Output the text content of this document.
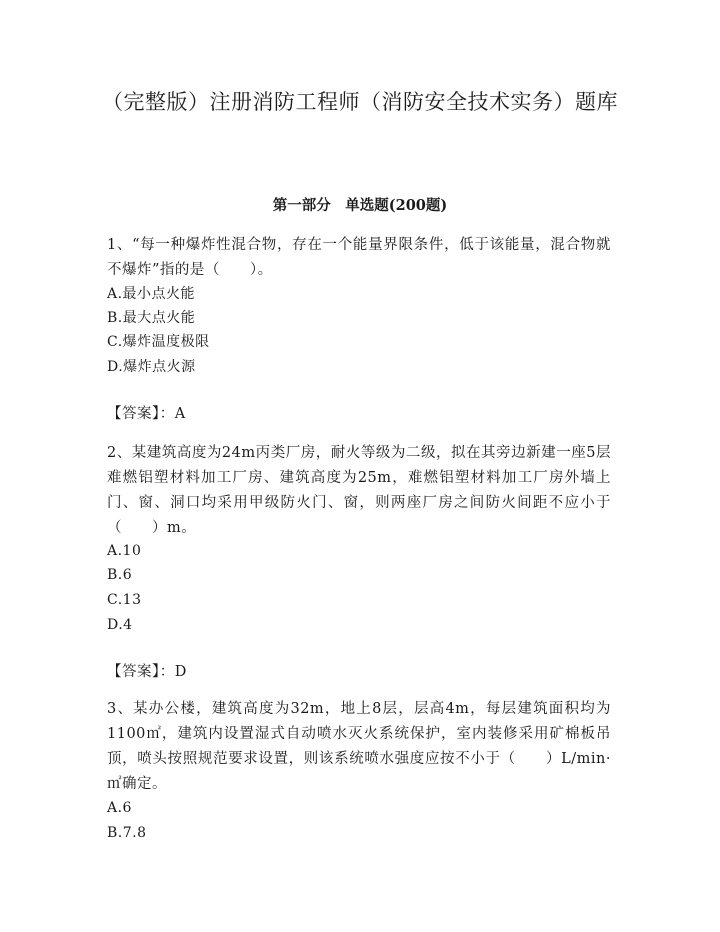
（完整版）注册消防工程师（消防安全技术实务）题库
第一部分　单选题(200题)
1、“每一种爆炸性混合物，存在一个能量界限条件，低于该能量，混合物就不爆炸”指的是（　　）。
A.最小点火能
B.最大点火能
C.爆炸温度极限
D.爆炸点火源
【答案】：A
2、某建筑高度为24m丙类厂房，耐火等级为二级，拟在其旁边新建一座5层难燃铝塑材料加工厂房、建筑高度为25m，难燃铝塑材料加工厂房外墙上门、窗、洞口均采用甲级防火门、窗，则两座厂房之间防火间距不应小于（　　）m。
A.10
B.6
C.13
D.4
【答案】：D
3、某办公楼，建筑高度为32m，地上8层，层高4m，每层建筑面积均为1100㎡，建筑内设置湿式自动喷水灭火系统保护，室内装修采用矿棉板吊顶，喷头按照规范要求设置，则该系统喷水强度应按不小于（　　）L/min·㎡确定。
A.6
B.7.8
